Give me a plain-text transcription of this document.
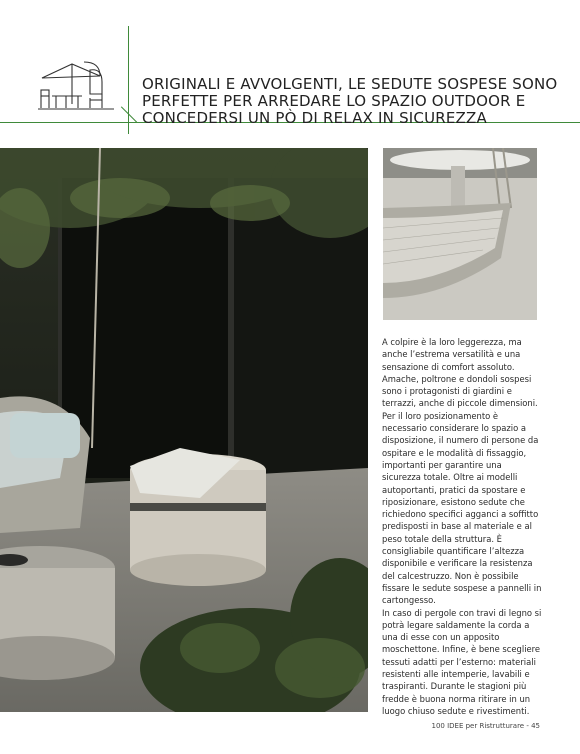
ORIGINALI E AVVOLGENTI, LE SEDUTE SOSPESE SONO PERFETTE PER ARREDARE LO SPAZIO OUTDOOR E CONCEDERSI UN PÒ DI RELAX IN SICUREZZA

A colpire è la loro leggerezza, ma anche l’estrema versatilità e una sensazione di comfort assoluto. Amache, poltrone e dondoli sospesi sono i protagonisti di giardini e terrazzi, anche di piccole dimensioni. Per il loro posizionamento è necessario considerare lo spazio a disposizione, il numero di persone da ospitare e le modalità di fissaggio, importanti per garantire una sicurezza totale. Oltre ai modelli autoportanti, pratici da spostare e riposizionare, esistono sedute che richiedono specifici agganci a soffitto predisposti in base al materiale e al peso totale della struttura. È consigliabile quantificare l’altezza disponibile e verificare la resistenza del calcestruzzo. Non è possibile fissare le sedute sospese a pannelli in cartongesso.

In caso di pergole con travi di legno si potrà legare saldamente la corda a una di esse con un apposito moschettone. Infine, è bene scegliere tessuti adatti per l’esterno: materiali resistenti alle intemperie, lavabili e traspiranti. Durante le stagioni più fredde è buona norma ritirare in un luogo chiuso sedute e rivestimenti.

100 IDEE per Ristrutturare - 45
